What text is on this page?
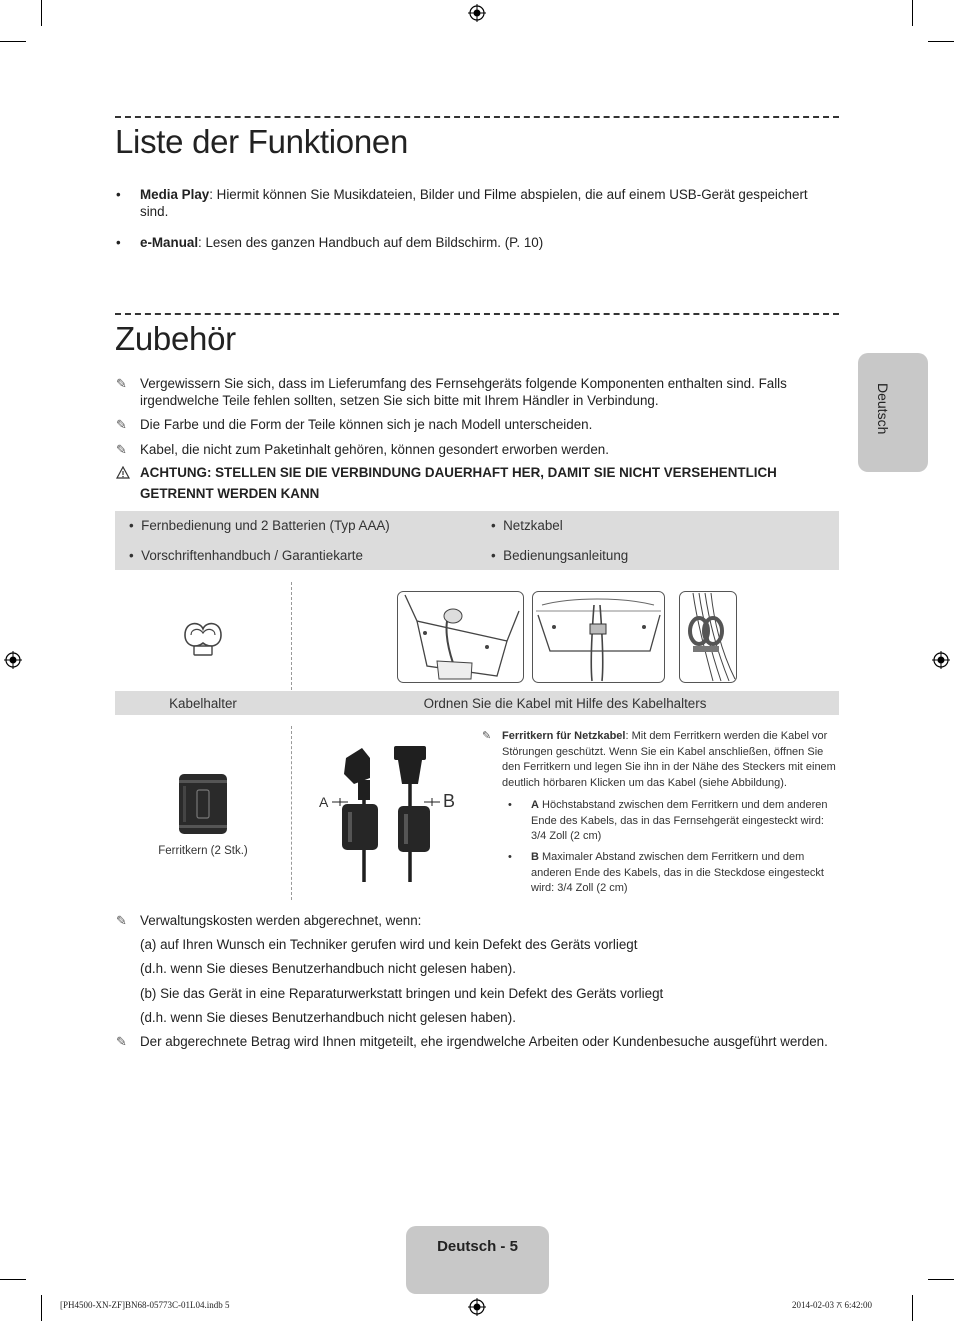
Liste der Funktionen
• Media Play: Hiermit können Sie Musikdateien, Bilder und Filme abspielen, die auf einem USB-Gerät gespeichert sind.
• e-Manual: Lesen des ganzen Handbuch auf dem Bildschirm. (P. 10)
Zubehör
✎ Vergewissern Sie sich, dass im Lieferumfang des Fernsehgeräts folgende Komponenten enthalten sind. Falls irgendwelche Teile fehlen sollten, setzen Sie sich bitte mit Ihrem Händler in Verbindung.
✎ Die Farbe und die Form der Teile können sich je nach Modell unterscheiden.
✎ Kabel, die nicht zum Paketinhalt gehören, können gesondert erworben werden.
ACHTUNG: STELLEN SIE DIE VERBINDUNG DAUERHAFT HER, DAMIT SIE NICHT VERSEHENTLICH GETRENNT WERDEN KANN
•  Fernbedienung und 2 Batterien (Typ AAA)	•  Netzkabel
•  Vorschriftenhandbuch / Garantiekarte	•  Bedienungsanleitung
Kabelhalter	Ordnen Sie die Kabel mit Hilfe des Kabelhalters
Ferritkern (2 Stk.)
A	B
✎ Ferritkern für Netzkabel: Mit dem Ferritkern werden die Kabel vor Störungen geschützt. Wenn Sie ein Kabel anschließen, öffnen Sie den Ferritkern und legen Sie ihn in der Nähe des Steckers mit einem deutlich hörbaren Klicken um das Kabel (siehe Abbildung).
• A Höchstabstand zwischen dem Ferritkern und dem anderen Ende des Kabels, das in das Fernsehgerät eingesteckt wird: 3/4 Zoll (2 cm)
• B Maximaler Abstand zwischen dem Ferritkern und dem anderen Ende des Kabels, das in die Steckdose eingesteckt wird: 3/4 Zoll (2 cm)
✎ Verwaltungskosten werden abgerechnet, wenn:
(a) auf Ihren Wunsch ein Techniker gerufen wird und kein Defekt des Geräts vorliegt
(d.h. wenn Sie dieses Benutzerhandbuch nicht gelesen haben).
(b) Sie das Gerät in eine Reparaturwerkstatt bringen und kein Defekt des Geräts vorliegt
(d.h. wenn Sie dieses Benutzerhandbuch nicht gelesen haben).
✎ Der abgerechnete Betrag wird Ihnen mitgeteilt, ehe irgendwelche Arbeiten oder Kundenbesuche ausgeführt werden.
Deutsch
Deutsch - 5
[PH4500-XN-ZF]BN68-05773C-01L04.indb 5	2014-02-03 ⚻ 6:42:00
